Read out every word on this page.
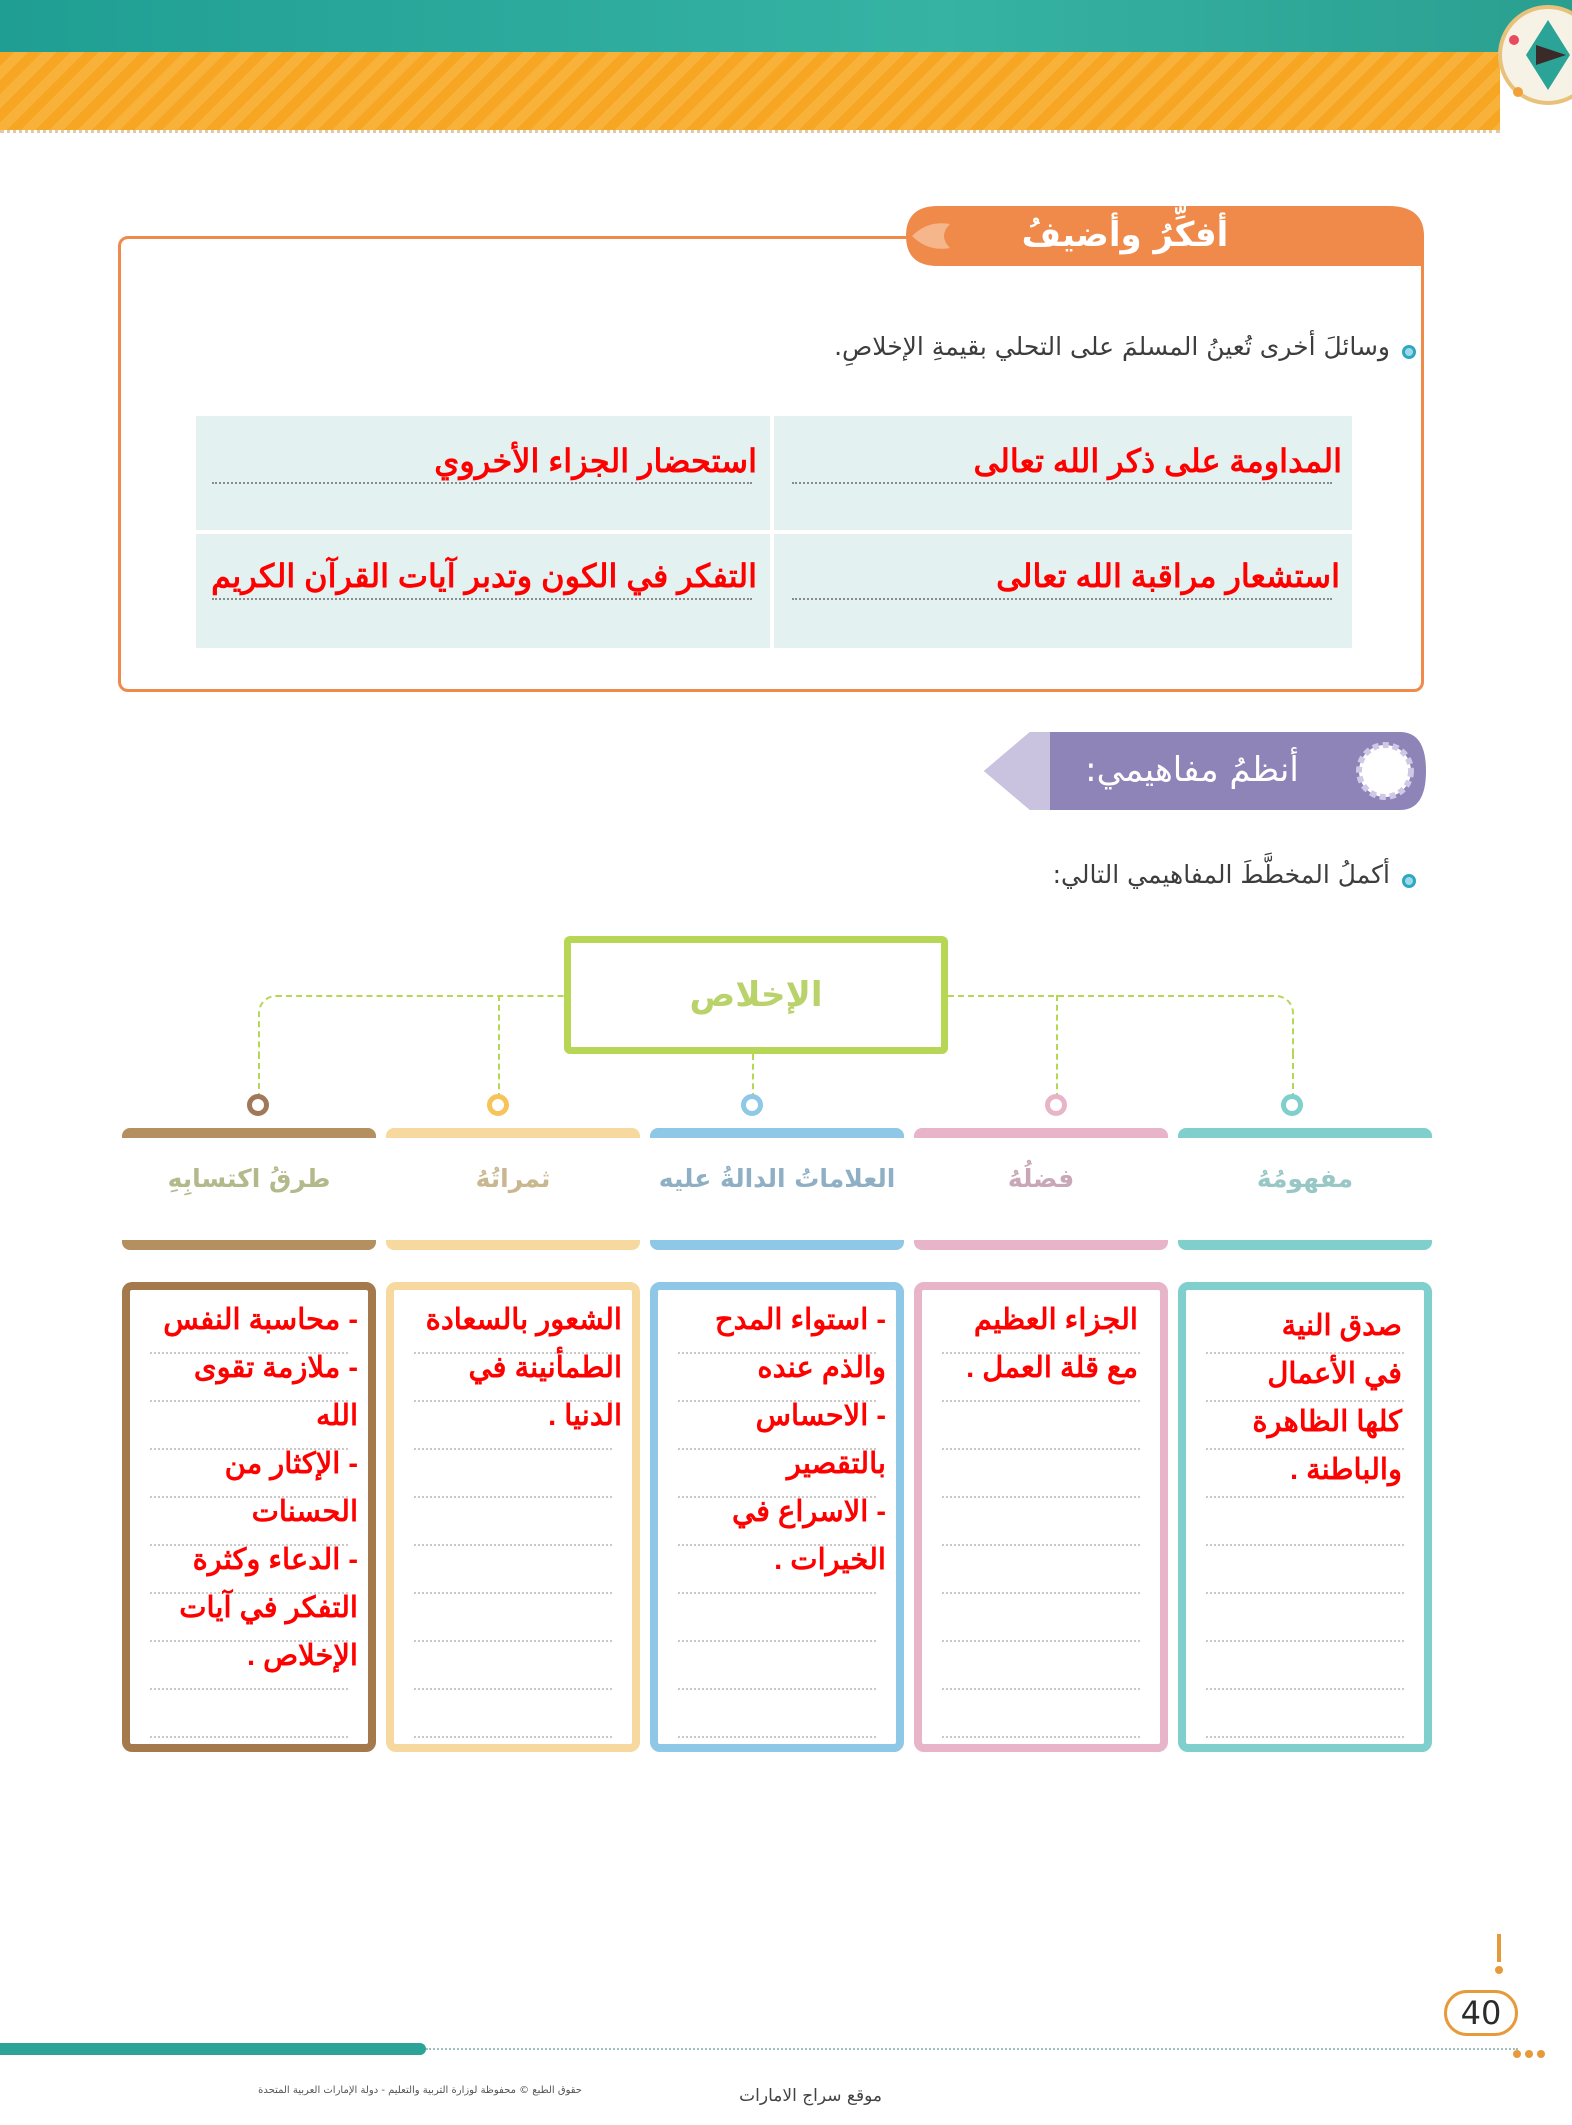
أفكِّرُ وأضيفُ
وسائلَ أخرى تُعينُ المسلمَ على التحلي بقيمةِ الإخلاصِ.
المداومة على ذكر الله تعالى
استحضار الجزاء الأخروي
استشعار مراقبة الله تعالى
التفكر في الكون وتدبر آيات القرآن الكريم
أنظمُ مفاهيمي:
أكملُ المخطَّطَ المفاهيمي التالي:
الإخلاص
مفهومُهُ
فضلُهُ
العلاماتُ الدالةُ عليه
ثمراتُهُ
طرقُ اكتسابِهِ
صدق النية
في الأعمال
كلها الظاهرة
والباطنة .
الجزاء العظيم
مع قلة العمل .
- استواء المدح
والذم عنده
- الاحساس
بالتقصير
- الاسراع في
الخيرات .
الشعور بالسعادة
الطمأنينة في
الدنيا .
- محاسبة النفس
- ملازمة تقوى
الله
- الإكثار من
الحسنات
- الدعاء وكثرة
التفكر في آيات
الإخلاص .
40
حقوق الطبع © محفوظة لوزارة التربية والتعليم - دولة الإمارات العربية المتحدة	موقع سراج الامارات
